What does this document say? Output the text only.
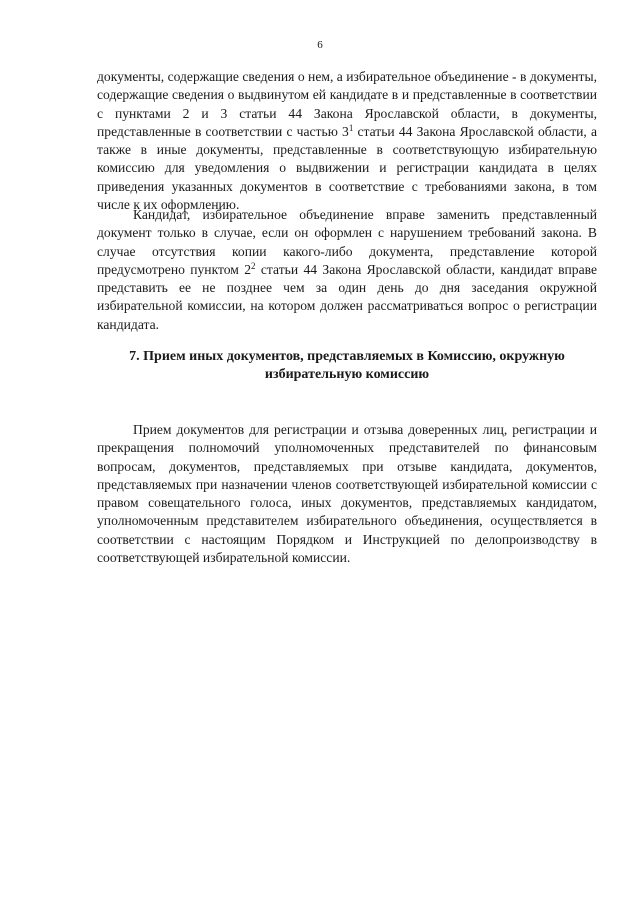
6

документы, содержащие сведения о нем, а избирательное объединение - в документы, содержащие сведения о выдвинутом ей кандидате в и представленные в соответствии с пунктами 2 и 3 статьи 44 Закона Ярославской области, в документы, представленные в соответствии с частью $3^1$ статьи 44 Закона Ярославской области, а также в иные документы, представленные в соответствующую избирательную комиссию для уведомления о выдвижении и регистрации кандидата в целях приведения указанных документов в соответствие с требованиями закона, в том числе к их оформлению.

Кандидат, избирательное объединение вправе заменить представленный документ только в случае, если он оформлен с нарушением требований закона. В случае отсутствия копии какого-либо документа, представление которой предусмотрено пунктом $2^2$ статьи 44 Закона Ярославской области, кандидат вправе представить ее не позднее чем за один день до дня заседания окружной избирательной комиссии, на котором должен рассматриваться вопрос о регистрации кандидата.

7. Прием иных документов, представляемых в Комиссию, окружную избирательную комиссию

Прием документов для регистрации и отзыва доверенных лиц, регистрации и прекращения полномочий уполномоченных представителей по финансовым вопросам, документов, представляемых при отзыве кандидата, документов, представляемых при назначении членов соответствующей избирательной комиссии с правом совещательного голоса, иных документов, представляемых кандидатом, уполномоченным представителем избирательного объединения, осуществляется в соответствии с настоящим Порядком и Инструкцией по делопроизводству в соответствующей избирательной комиссии.
